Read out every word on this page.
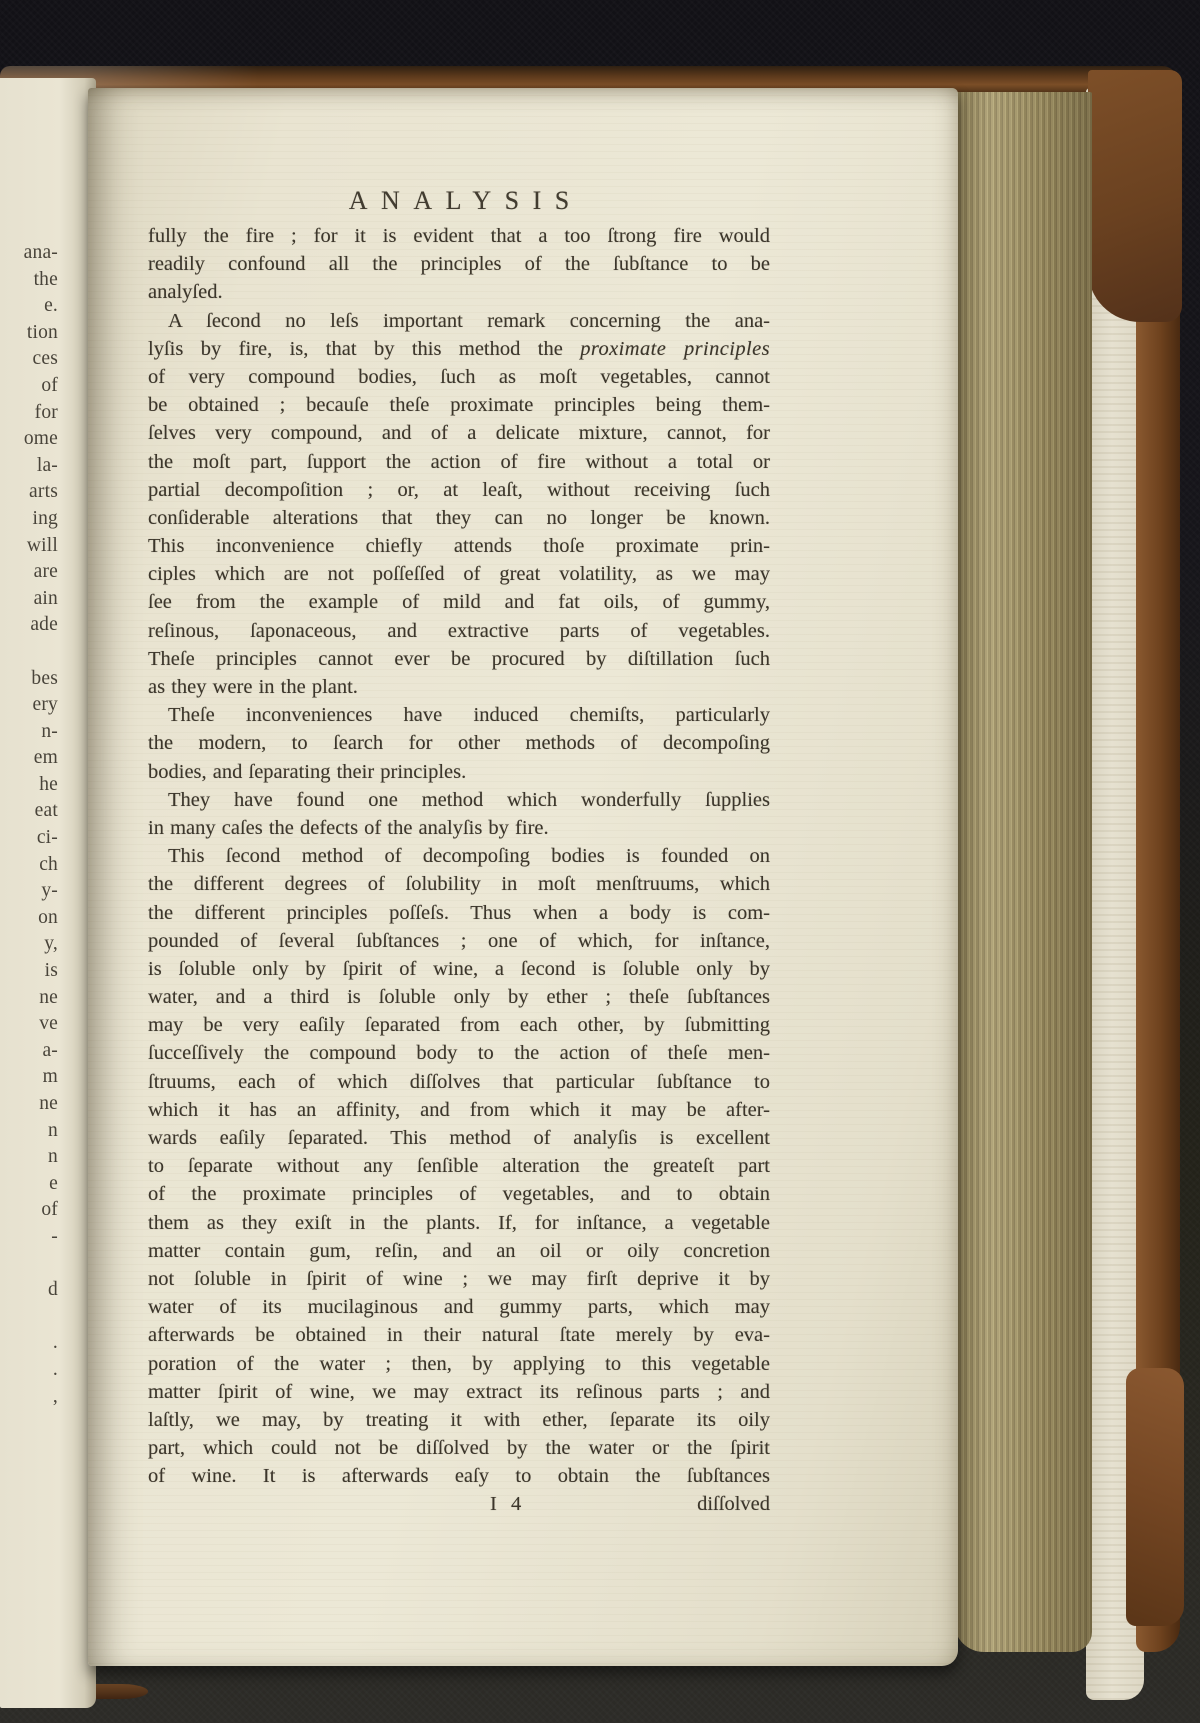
ana-
the
e.
tion
ces
of
for
ome
la-
arts
ing
will
are
ain
ade

bes
ery
n-
em
he
eat
ci-
ch
y-
on
y,
is
ne
ve
a-
m
ne
n
n
e
of
-

d

.
.
,
ANALYSIS
fully the fire ; for it is evident that a too ſtrong fire would
readily confound all the principles of the ſubſtance to be
analyſed.
A ſecond no leſs important remark concerning the ana-
lyſis by fire, is, that by this method the proximate principles
of very compound bodies, ſuch as moſt vegetables, cannot
be obtained ; becauſe theſe proximate principles being them-
ſelves very compound, and of a delicate mixture, cannot, for
the moſt part, ſupport the action of fire without a total or
partial decompoſition ; or, at leaſt, without receiving ſuch
conſiderable alterations that they can no longer be known.
This inconvenience chiefly attends thoſe proximate prin-
ciples which are not poſſeſſed of great volatility, as we may
ſee from the example of mild and fat oils, of gummy,
reſinous, ſaponaceous, and extractive parts of vegetables.
Theſe principles cannot ever be procured by diſtillation ſuch
as they were in the plant.
Theſe inconveniences have induced chemiſts, particularly
the modern, to ſearch for other methods of decompoſing
bodies, and ſeparating their principles.
They have found one method which wonderfully ſupplies
in many caſes the defects of the analyſis by fire.
This ſecond method of decompoſing bodies is founded on
the different degrees of ſolubility in moſt menſtruums, which
the different principles poſſeſs. Thus when a body is com-
pounded of ſeveral ſubſtances ; one of which, for inſtance,
is ſoluble only by ſpirit of wine, a ſecond is ſoluble only by
water, and a third is ſoluble only by ether ; theſe ſubſtances
may be very eaſily ſeparated from each other, by ſubmitting
ſucceſſively the compound body to the action of theſe men-
ſtruums, each of which diſſolves that particular ſubſtance to
which it has an affinity, and from which it may be after-
wards eaſily ſeparated. This method of analyſis is excellent
to ſeparate without any ſenſible alteration the greateſt part
of the proximate principles of vegetables, and to obtain
them as they exiſt in the plants. If, for inſtance, a vegetable
matter contain gum, reſin, and an oil or oily concretion
not ſoluble in ſpirit of wine ; we may firſt deprive it by
water of its mucilaginous and gummy parts, which may
afterwards be obtained in their natural ſtate merely by eva-
poration of the water ; then, by applying to this vegetable
matter ſpirit of wine, we may extract its reſinous parts ; and
laſtly, we may, by treating it with ether, ſeparate its oily
part, which could not be diſſolved by the water or the ſpirit
of wine. It is afterwards eaſy to obtain the ſubſtances
I 4	diſſolved
